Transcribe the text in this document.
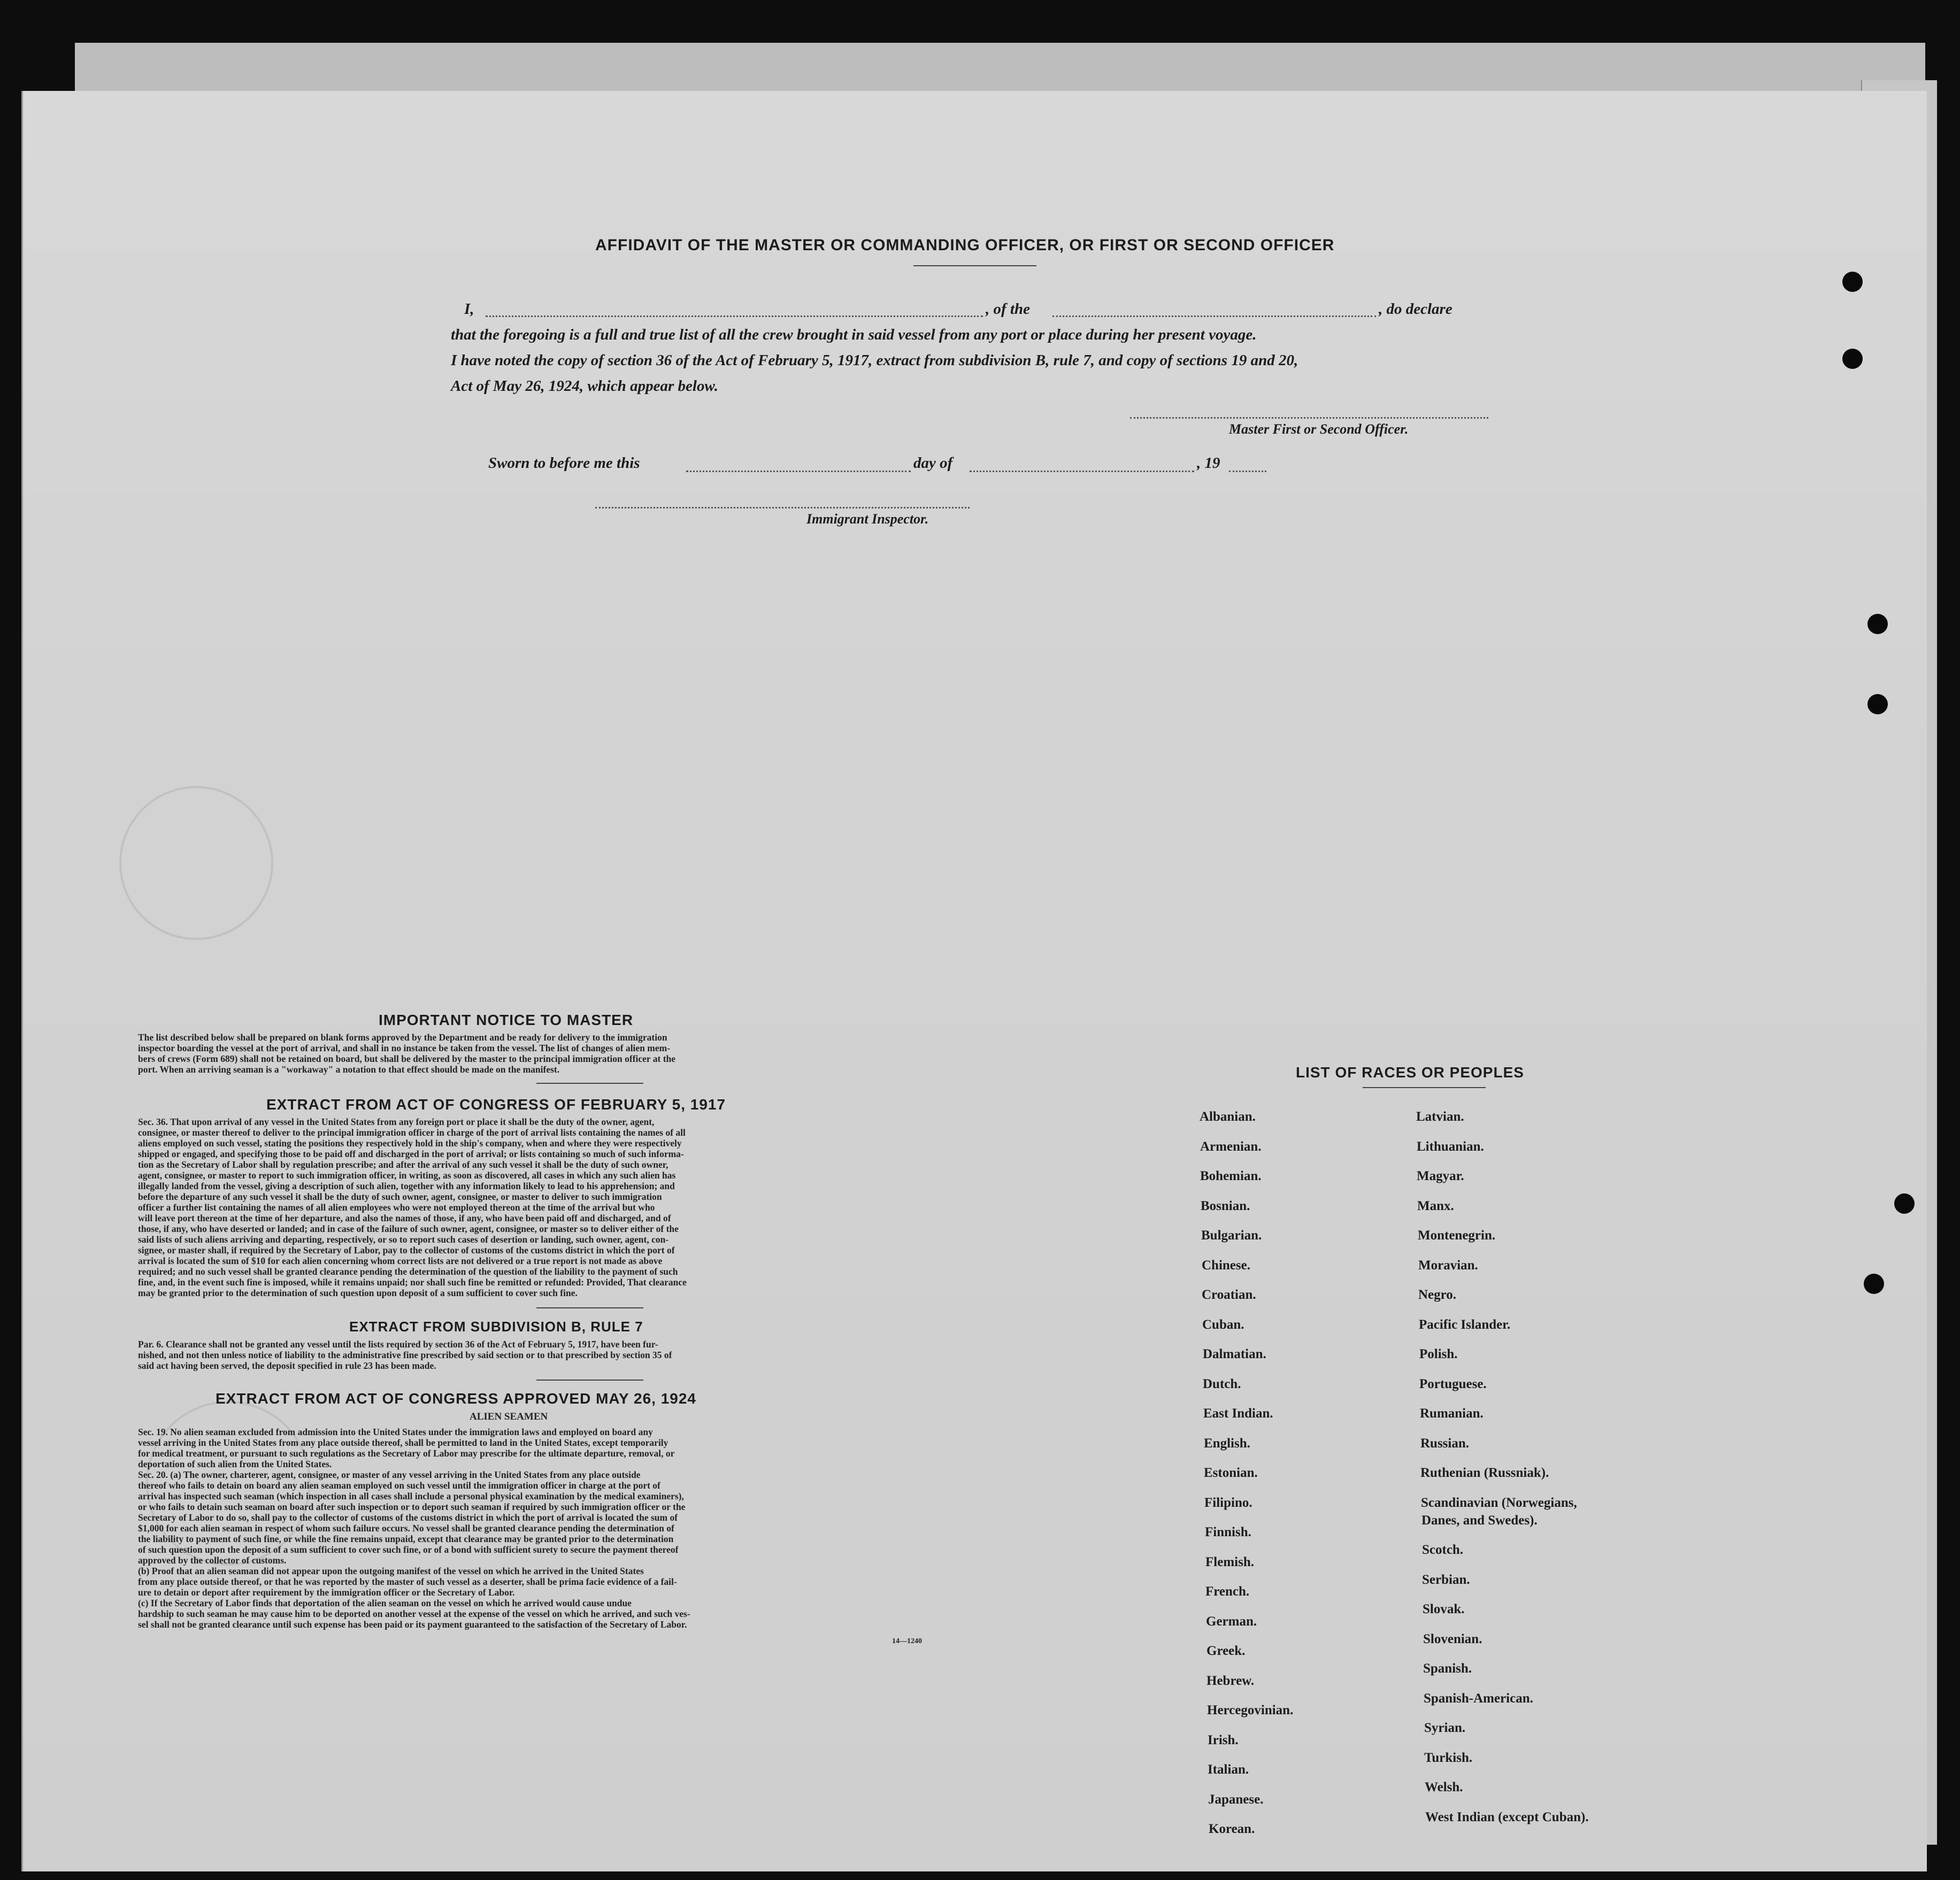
AFFIDAVIT OF THE MASTER OR COMMANDING OFFICER, OR FIRST OR SECOND OFFICER
I,	, of the	, do declare
that the foregoing is a full and true list of all the crew brought in said vessel from any port or place during her present voyage.
I have noted the copy of section 36 of the Act of February 5, 1917, extract from subdivision B, rule 7, and copy of sections 19 and 20,
Act of May 26, 1924, which appear below.
Master First or Second Officer.
Sworn to before me this	day of	, 19
Immigrant Inspector.
IMPORTANT NOTICE TO MASTER
The list described below shall be prepared on blank forms approved by the Department and be ready for delivery to the immigration
inspector boarding the vessel at the port of arrival, and shall in no instance be taken from the vessel. The list of changes of alien mem-
bers of crews (Form 689) shall not be retained on board, but shall be delivered by the master to the principal immigration officer at the
port. When an arriving seaman is a "workaway" a notation to that effect should be made on the manifest.
EXTRACT FROM ACT OF CONGRESS OF FEBRUARY 5, 1917
Sec. 36. That upon arrival of any vessel in the United States from any foreign port or place it shall be the duty of the owner, agent,
consignee, or master thereof to deliver to the principal immigration officer in charge of the port of arrival lists containing the names of all
aliens employed on such vessel, stating the positions they respectively hold in the ship's company, when and where they were respectively
shipped or engaged, and specifying those to be paid off and discharged in the port of arrival; or lists containing so much of such informa-
tion as the Secretary of Labor shall by regulation prescribe; and after the arrival of any such vessel it shall be the duty of such owner,
agent, consignee, or master to report to such immigration officer, in writing, as soon as discovered, all cases in which any such alien has
illegally landed from the vessel, giving a description of such alien, together with any information likely to lead to his apprehension; and
before the departure of any such vessel it shall be the duty of such owner, agent, consignee, or master to deliver to such immigration
officer a further list containing the names of all alien employees who were not employed thereon at the time of the arrival but who
will leave port thereon at the time of her departure, and also the names of those, if any, who have been paid off and discharged, and of
those, if any, who have deserted or landed; and in case of the failure of such owner, agent, consignee, or master so to deliver either of the
said lists of such aliens arriving and departing, respectively, or so to report such cases of desertion or landing, such owner, agent, con-
signee, or master shall, if required by the Secretary of Labor, pay to the collector of customs of the customs district in which the port of
arrival is located the sum of $10 for each alien concerning whom correct lists are not delivered or a true report is not made as above
required; and no such vessel shall be granted clearance pending the determination of the question of the liability to the payment of such
fine, and, in the event such fine is imposed, while it remains unpaid; nor shall such fine be remitted or refunded: Provided, That clearance
may be granted prior to the determination of such question upon deposit of a sum sufficient to cover such fine.
EXTRACT FROM SUBDIVISION B, RULE 7
Par. 6. Clearance shall not be granted any vessel until the lists required by section 36 of the Act of February 5, 1917, have been fur-
nished, and not then unless notice of liability to the administrative fine prescribed by said section or to that prescribed by section 35 of
said act having been served, the deposit specified in rule 23 has been made.
EXTRACT FROM ACT OF CONGRESS APPROVED MAY 26, 1924
ALIEN SEAMEN
Sec. 19. No alien seaman excluded from admission into the United States under the immigration laws and employed on board any
vessel arriving in the United States from any place outside thereof, shall be permitted to land in the United States, except temporarily
for medical treatment, or pursuant to such regulations as the Secretary of Labor may prescribe for the ultimate departure, removal, or
deportation of such alien from the United States.
Sec. 20. (a) The owner, charterer, agent, consignee, or master of any vessel arriving in the United States from any place outside
thereof who fails to detain on board any alien seaman employed on such vessel until the immigration officer in charge at the port of
arrival has inspected such seaman (which inspection in all cases shall include a personal physical examination by the medical examiners),
or who fails to detain such seaman on board after such inspection or to deport such seaman if required by such immigration officer or the
Secretary of Labor to do so, shall pay to the collector of customs of the customs district in which the port of arrival is located the sum of
$1,000 for each alien seaman in respect of whom such failure occurs. No vessel shall be granted clearance pending the determination of
the liability to payment of such fine, or while the fine remains unpaid, except that clearance may be granted prior to the determination
of such question upon the deposit of a sum sufficient to cover such fine, or of a bond with sufficient surety to secure the payment thereof
approved by the collector of customs.
(b) Proof that an alien seaman did not appear upon the outgoing manifest of the vessel on which he arrived in the United States
from any place outside thereof, or that he was reported by the master of such vessel as a deserter, shall be prima facie evidence of a fail-
ure to detain or deport after requirement by the immigration officer or the Secretary of Labor.
(c) If the Secretary of Labor finds that deportation of the alien seaman on the vessel on which he arrived would cause undue
hardship to such seaman he may cause him to be deported on another vessel at the expense of the vessel on which he arrived, and such ves-
sel shall not be granted clearance until such expense has been paid or its payment guaranteed to the satisfaction of the Secretary of Labor.
14—1240
LIST OF RACES OR PEOPLES
Albanian.
Armenian.
Bohemian.
Bosnian.
Bulgarian.
Chinese.
Croatian.
Cuban.
Dalmatian.
Dutch.
East Indian.
English.
Estonian.
Filipino.
Finnish.
Flemish.
French.
German.
Greek.
Hebrew.
Hercegovinian.
Irish.
Italian.
Japanese.
Korean.
Latvian.
Lithuanian.
Magyar.
Manx.
Montenegrin.
Moravian.
Negro.
Pacific Islander.
Polish.
Portuguese.
Rumanian.
Russian.
Ruthenian (Russniak).
Scandinavian (Norwegians,
Danes, and Swedes).
Scotch.
Serbian.
Slovak.
Slovenian.
Spanish.
Spanish-American.
Syrian.
Turkish.
Welsh.
West Indian (except Cuban).
